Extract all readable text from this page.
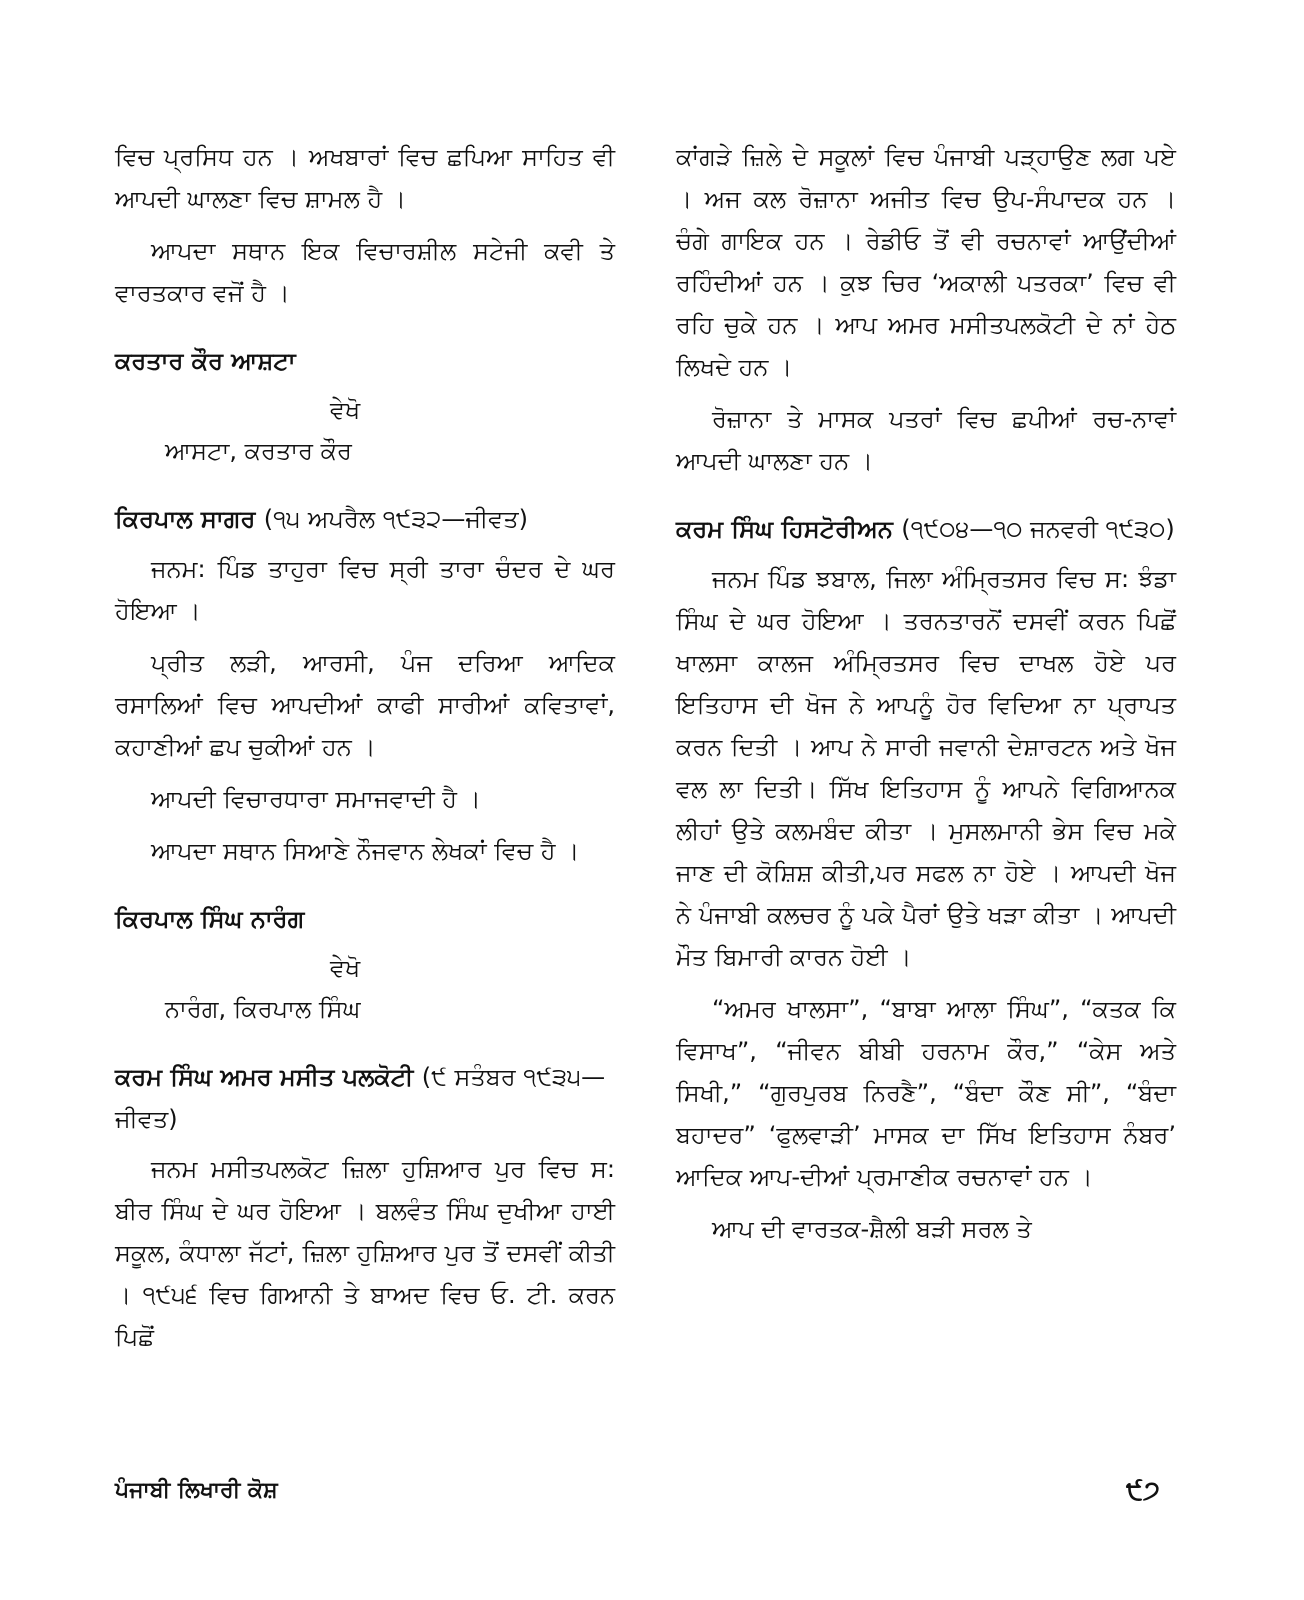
ਵਿਚ ਪ੍ਰਸਿਧ ਹਨ । ਅਖਬਾਰਾਂ ਵਿਚ ਛਪਿਆ ਸਾਹਿਤ ਵੀ ਆਪਦੀ ਘਾਲਣਾ ਵਿਚ ਸ਼ਾਮਲ ਹੈ ।

ਆਪਦਾ ਸਥਾਨ ਇਕ ਵਿਚਾਰਸ਼ੀਲ ਸਟੇਜੀ ਕਵੀ ਤੇ ਵਾਰਤਕਾਰ ਵਜੋਂ ਹੈ ।

ਕਰਤਾਰ ਕੌਰ ਆਸ਼ਟਾ

ਵੇਖੋ

ਆਸਟਾ, ਕਰਤਾਰ ਕੌਰ

ਕਿਰਪਾਲ ਸਾਗਰ (੧੫ ਅਪਰੈਲ ੧੯੩੨—ਜੀਵਤ)

ਜਨਮ: ਪਿੰਡ ਤਾਹੁਰਾ ਵਿਚ ਸ੍ਰੀ ਤਾਰਾ ਚੰਦਰ ਦੇ ਘਰ ਹੋਇਆ ।

ਪ੍ਰੀਤ ਲੜੀ, ਆਰਸੀ, ਪੰਜ ਦਰਿਆ ਆਦਿਕ ਰਸਾਲਿਆਂ ਵਿਚ ਆਪਦੀਆਂ ਕਾਫੀ ਸਾਰੀਆਂ ਕਵਿਤਾਵਾਂ, ਕਹਾਣੀਆਂ ਛਪ ਚੁਕੀਆਂ ਹਨ ।

ਆਪਦੀ ਵਿਚਾਰਧਾਰਾ ਸਮਾਜਵਾਦੀ ਹੈ ।

ਆਪਦਾ ਸਥਾਨ ਸਿਆਣੇ ਨੌਜਵਾਨ ਲੇਖਕਾਂ ਵਿਚ ਹੈ ।

ਕਿਰਪਾਲ ਸਿੰਘ ਨਾਰੰਗ

ਵੇਖੋ

ਨਾਰੰਗ, ਕਿਰਪਾਲ ਸਿੰਘ

ਕਰਮ ਸਿੰਘ ਅਮਰ ਮਸੀਤ ਪਲਕੋਟੀ (੯ ਸਤੰਬਰ ੧੯੩੫—ਜੀਵਤ)

ਜਨਮ ਮਸੀਤਪਲਕੋਟ ਜ਼ਿਲਾ ਹੁਸ਼ਿਆਰ ਪੁਰ ਵਿਚ ਸ: ਬੀਰ ਸਿੰਘ ਦੇ ਘਰ ਹੋਇਆ । ਬਲਵੰਤ ਸਿੰਘ ਦੁਖੀਆ ਹਾਈ ਸਕੂਲ, ਕੰਧਾਲਾ ਜੱਟਾਂ, ਜ਼ਿਲਾ ਹੁਸ਼ਿਆਰ ਪੁਰ ਤੋਂ ਦਸਵੀਂ ਕੀਤੀ । ੧੯੫੬ ਵਿਚ ਗਿਆਨੀ ਤੇ ਬਾਅਦ ਵਿਚ ਓ. ਟੀ. ਕਰਨ ਪਿਛੋਂ

ਕਾਂਗੜੇ ਜ਼ਿਲੇ ਦੇ ਸਕੂਲਾਂ ਵਿਚ ਪੰਜਾਬੀ ਪੜ੍ਹਾਉਣ ਲਗ ਪਏ । ਅਜ ਕਲ ਰੋਜ਼ਾਨਾ ਅਜੀਤ ਵਿਚ ਉਪ-ਸੰਪਾਦਕ ਹਨ । ਚੰਗੇ ਗਾਇਕ ਹਨ । ਰੇਡੀਓ ਤੋਂ ਵੀ ਰਚਨਾਵਾਂ ਆਉਂਦੀਆਂ ਰਹਿੰਦੀਆਂ ਹਨ । ਕੁਝ ਚਿਰ ‘ਅਕਾਲੀ ਪਤਰਕਾ’ ਵਿਚ ਵੀ ਰਹਿ ਚੁਕੇ ਹਨ । ਆਪ ਅਮਰ ਮਸੀਤਪਲਕੋਟੀ ਦੇ ਨਾਂ ਹੇਠ ਲਿਖਦੇ ਹਨ ।

ਰੋਜ਼ਾਨਾ ਤੇ ਮਾਸਕ ਪਤਰਾਂ ਵਿਚ ਛਪੀਆਂ ਰਚ-ਨਾਵਾਂ ਆਪਦੀ ਘਾਲਣਾ ਹਨ ।

ਕਰਮ ਸਿੰਘ ਹਿਸਟੋਰੀਅਨ (੧੯੦੪—੧੦ ਜਨਵਰੀ ੧੯੩੦)

ਜਨਮ ਪਿੰਡ ਝਬਾਲ, ਜਿਲਾ ਅੰਮ੍ਰਿਤਸਰ ਵਿਚ ਸ: ਝੰਡਾ ਸਿੰਘ ਦੇ ਘਰ ਹੋਇਆ । ਤਰਨਤਾਰਨੋਂ ਦਸਵੀਂ ਕਰਨ ਪਿਛੋਂ ਖਾਲਸਾ ਕਾਲਜ ਅੰਮ੍ਰਿਤਸਰ ਵਿਚ ਦਾਖਲ ਹੋਏ ਪਰ ਇਤਿਹਾਸ ਦੀ ਖੋਜ ਨੇ ਆਪਨੂੰ ਹੋਰ ਵਿਦਿਆ ਨਾ ਪ੍ਰਾਪਤ ਕਰਨ ਦਿਤੀ । ਆਪ ਨੇ ਸਾਰੀ ਜਵਾਨੀ ਦੇਸ਼ਾਰਟਨ ਅਤੇ ਖੋਜ ਵਲ ਲਾ ਦਿਤੀ। ਸਿੱਖ ਇਤਿਹਾਸ ਨੂੰ ਆਪਨੇ ਵਿਗਿਆਨਕ ਲੀਹਾਂ ਉਤੇ ਕਲਮਬੰਦ ਕੀਤਾ । ਮੁਸਲਮਾਨੀ ਭੇਸ ਵਿਚ ਮਕੇ ਜਾਣ ਦੀ ਕੋਸ਼ਿਸ਼ ਕੀਤੀ,ਪਰ ਸਫਲ ਨਾ ਹੋਏ । ਆਪਦੀ ਖੋਜ ਨੇ ਪੰਜਾਬੀ ਕਲਚਰ ਨੂੰ ਪਕੇ ਪੈਰਾਂ ਉਤੇ ਖੜਾ ਕੀਤਾ । ਆਪਦੀ ਮੌਤ ਬਿਮਾਰੀ ਕਾਰਨ ਹੋਈ ।

“ਅਮਰ ਖਾਲਸਾ”, “ਬਾਬਾ ਆਲਾ ਸਿੰਘ”, “ਕਤਕ ਕਿ ਵਿਸਾਖ”, “ਜੀਵਨ ਬੀਬੀ ਹਰਨਾਮ ਕੌਰ,” “ਕੇਸ ਅਤੇ ਸਿਖੀ,” “ਗੁਰਪੁਰਬ ਨਿਰਣੈ”, “ਬੰਦਾ ਕੌਣ ਸੀ”, “ਬੰਦਾ ਬਹਾਦਰ” ‘ਫੁਲਵਾੜੀ’ ਮਾਸਕ ਦਾ ਸਿੱਖ ਇਤਿਹਾਸ ਨੰਬਰ’ ਆਦਿਕ ਆਪ-ਦੀਆਂ ਪ੍ਰਮਾਣੀਕ ਰਚਨਾਵਾਂ ਹਨ ।

ਆਪ ਦੀ ਵਾਰਤਕ-ਸ਼ੈਲੀ ਬੜੀ ਸਰਲ ਤੇ

ਪੰਜਾਬੀ ਲਿਖਾਰੀ ਕੋਸ਼	੯੭
